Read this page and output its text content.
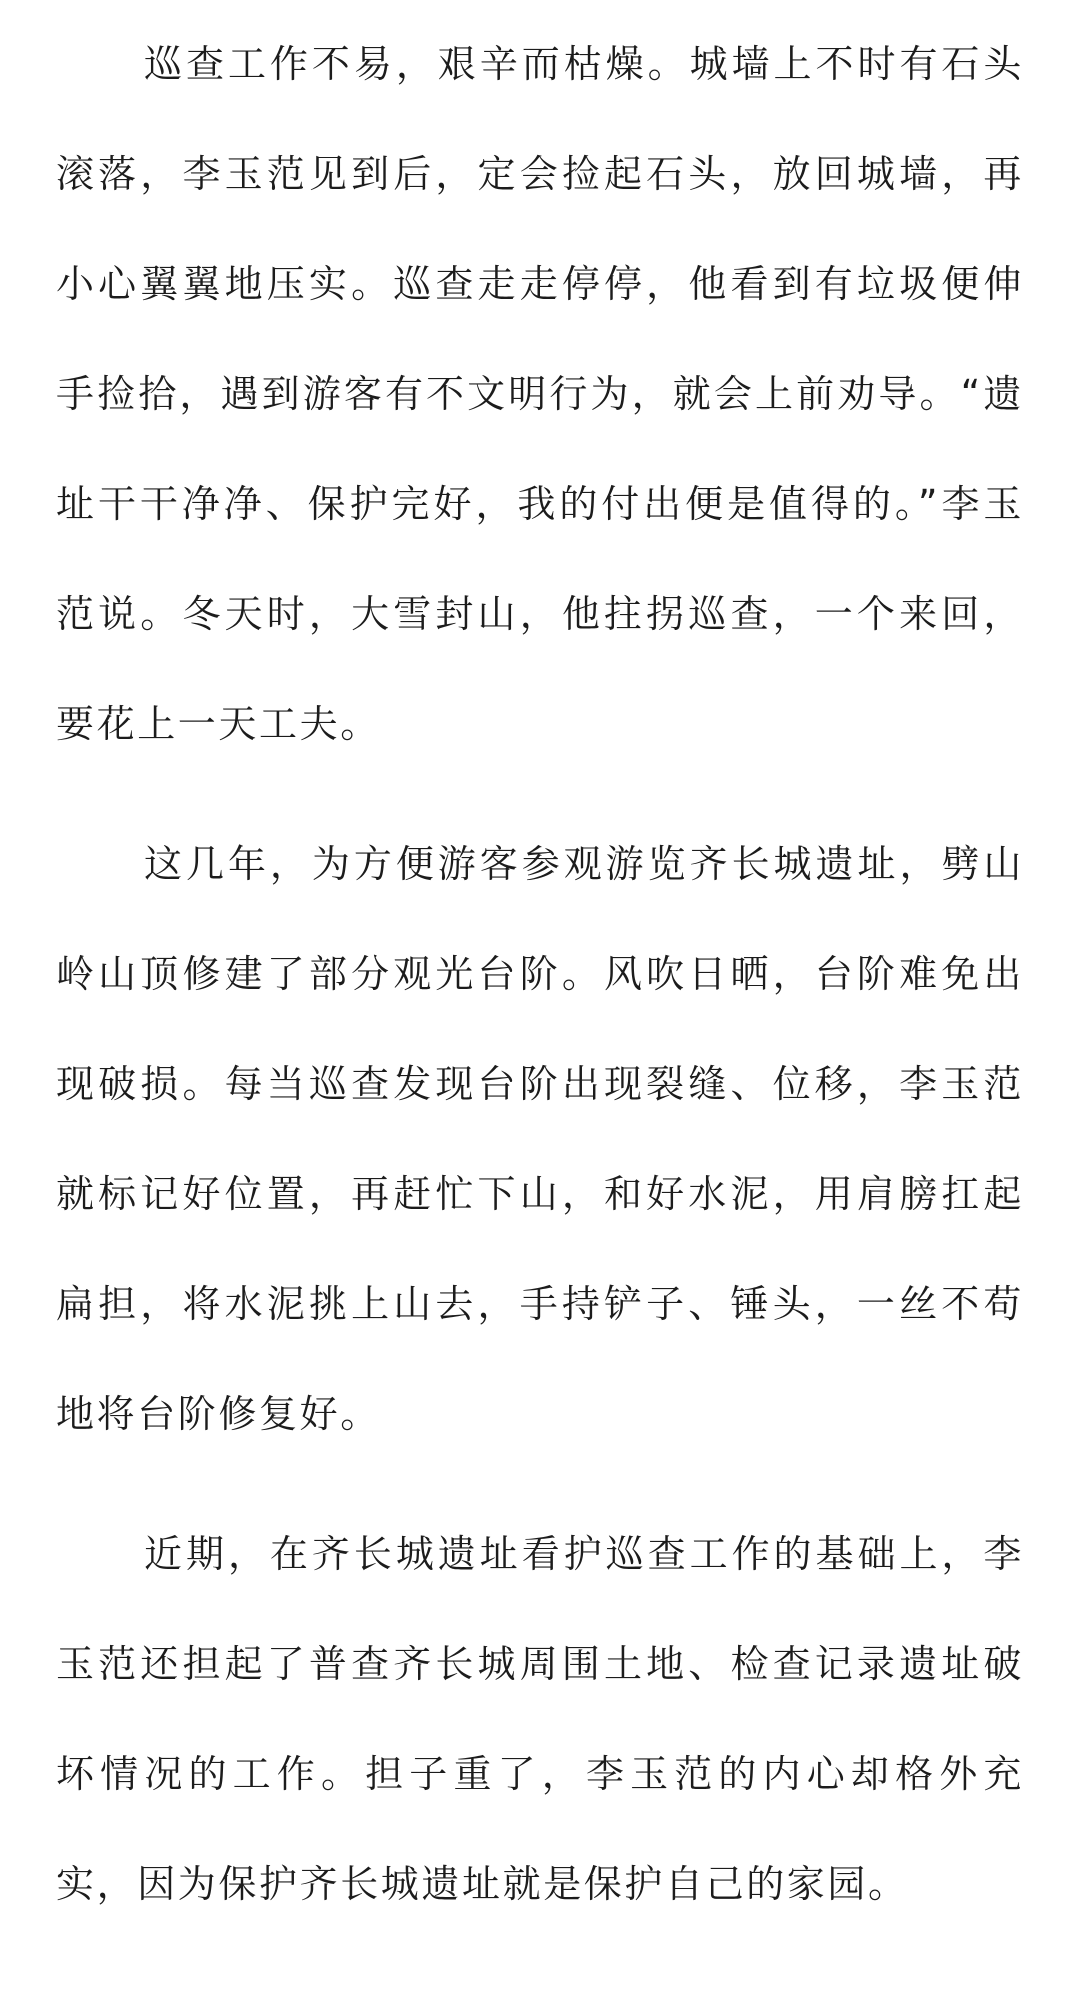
巡查工作不易，艰辛而枯燥。城墙上不时有石头滚落，李玉范见到后，定会捡起石头，放回城墙，再小心翼翼地压实。巡查走走停停，他看到有垃圾便伸手捡拾，遇到游客有不文明行为，就会上前劝导。“遗址干干净净、保护完好，我的付出便是值得的。”李玉范说。冬天时，大雪封山，他拄拐巡查，一个来回，要花上一天工夫。

这几年，为方便游客参观游览齐长城遗址，劈山岭山顶修建了部分观光台阶。风吹日晒，台阶难免出现破损。每当巡查发现台阶出现裂缝、位移，李玉范就标记好位置，再赶忙下山，和好水泥，用肩膀扛起扁担，将水泥挑上山去，手持铲子、锤头，一丝不苟地将台阶修复好。

近期，在齐长城遗址看护巡查工作的基础上，李玉范还担起了普查齐长城周围土地、检查记录遗址破坏情况的工作。担子重了，李玉范的内心却格外充实，因为保护齐长城遗址就是保护自己的家园。
